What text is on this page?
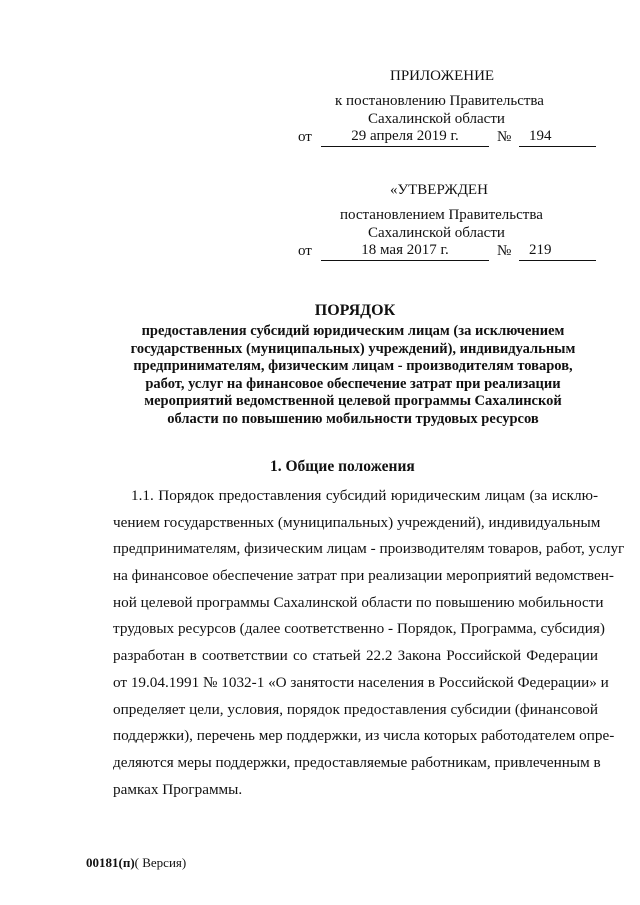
ПРИЛОЖЕНИЕ
к постановлению Правительства
Сахалинской области
от	29 апреля 2019 г.	№	194
«УТВЕРЖДЕН
постановлением Правительства
Сахалинской области
от	18 мая 2017 г.	№	219
ПОРЯДОК
предоставления субсидий юридическим лицам (за исключением
государственных (муниципальных) учреждений), индивидуальным
предпринимателям, физическим лицам - производителям товаров,
работ, услуг на финансовое обеспечение затрат при реализации
мероприятий ведомственной целевой программы Сахалинской
области по повышению мобильности трудовых ресурсов
1. Общие положения
1.1. Порядок предоставления субсидий юридическим лицам (за исклю-
чением государственных (муниципальных) учреждений), индивидуальным
предпринимателям, физическим лицам - производителям товаров, работ, услуг
на финансовое обеспечение затрат при реализации мероприятий ведомствен-
ной целевой программы Сахалинской области по повышению мобильности
трудовых ресурсов (далее соответственно - Порядок, Программа, субсидия)
разработан в соответствии со статьей 22.2 Закона Российской Федерации
от 19.04.1991 № 1032-1 «О занятости населения в Российской Федерации» и
определяет цели, условия, порядок предоставления субсидии (финансовой
поддержки), перечень мер поддержки, из числа которых работодателем опре-
деляются меры поддержки, предоставляемые работникам, привлеченным в
рамках Программы.
00181(п)( Версия)
